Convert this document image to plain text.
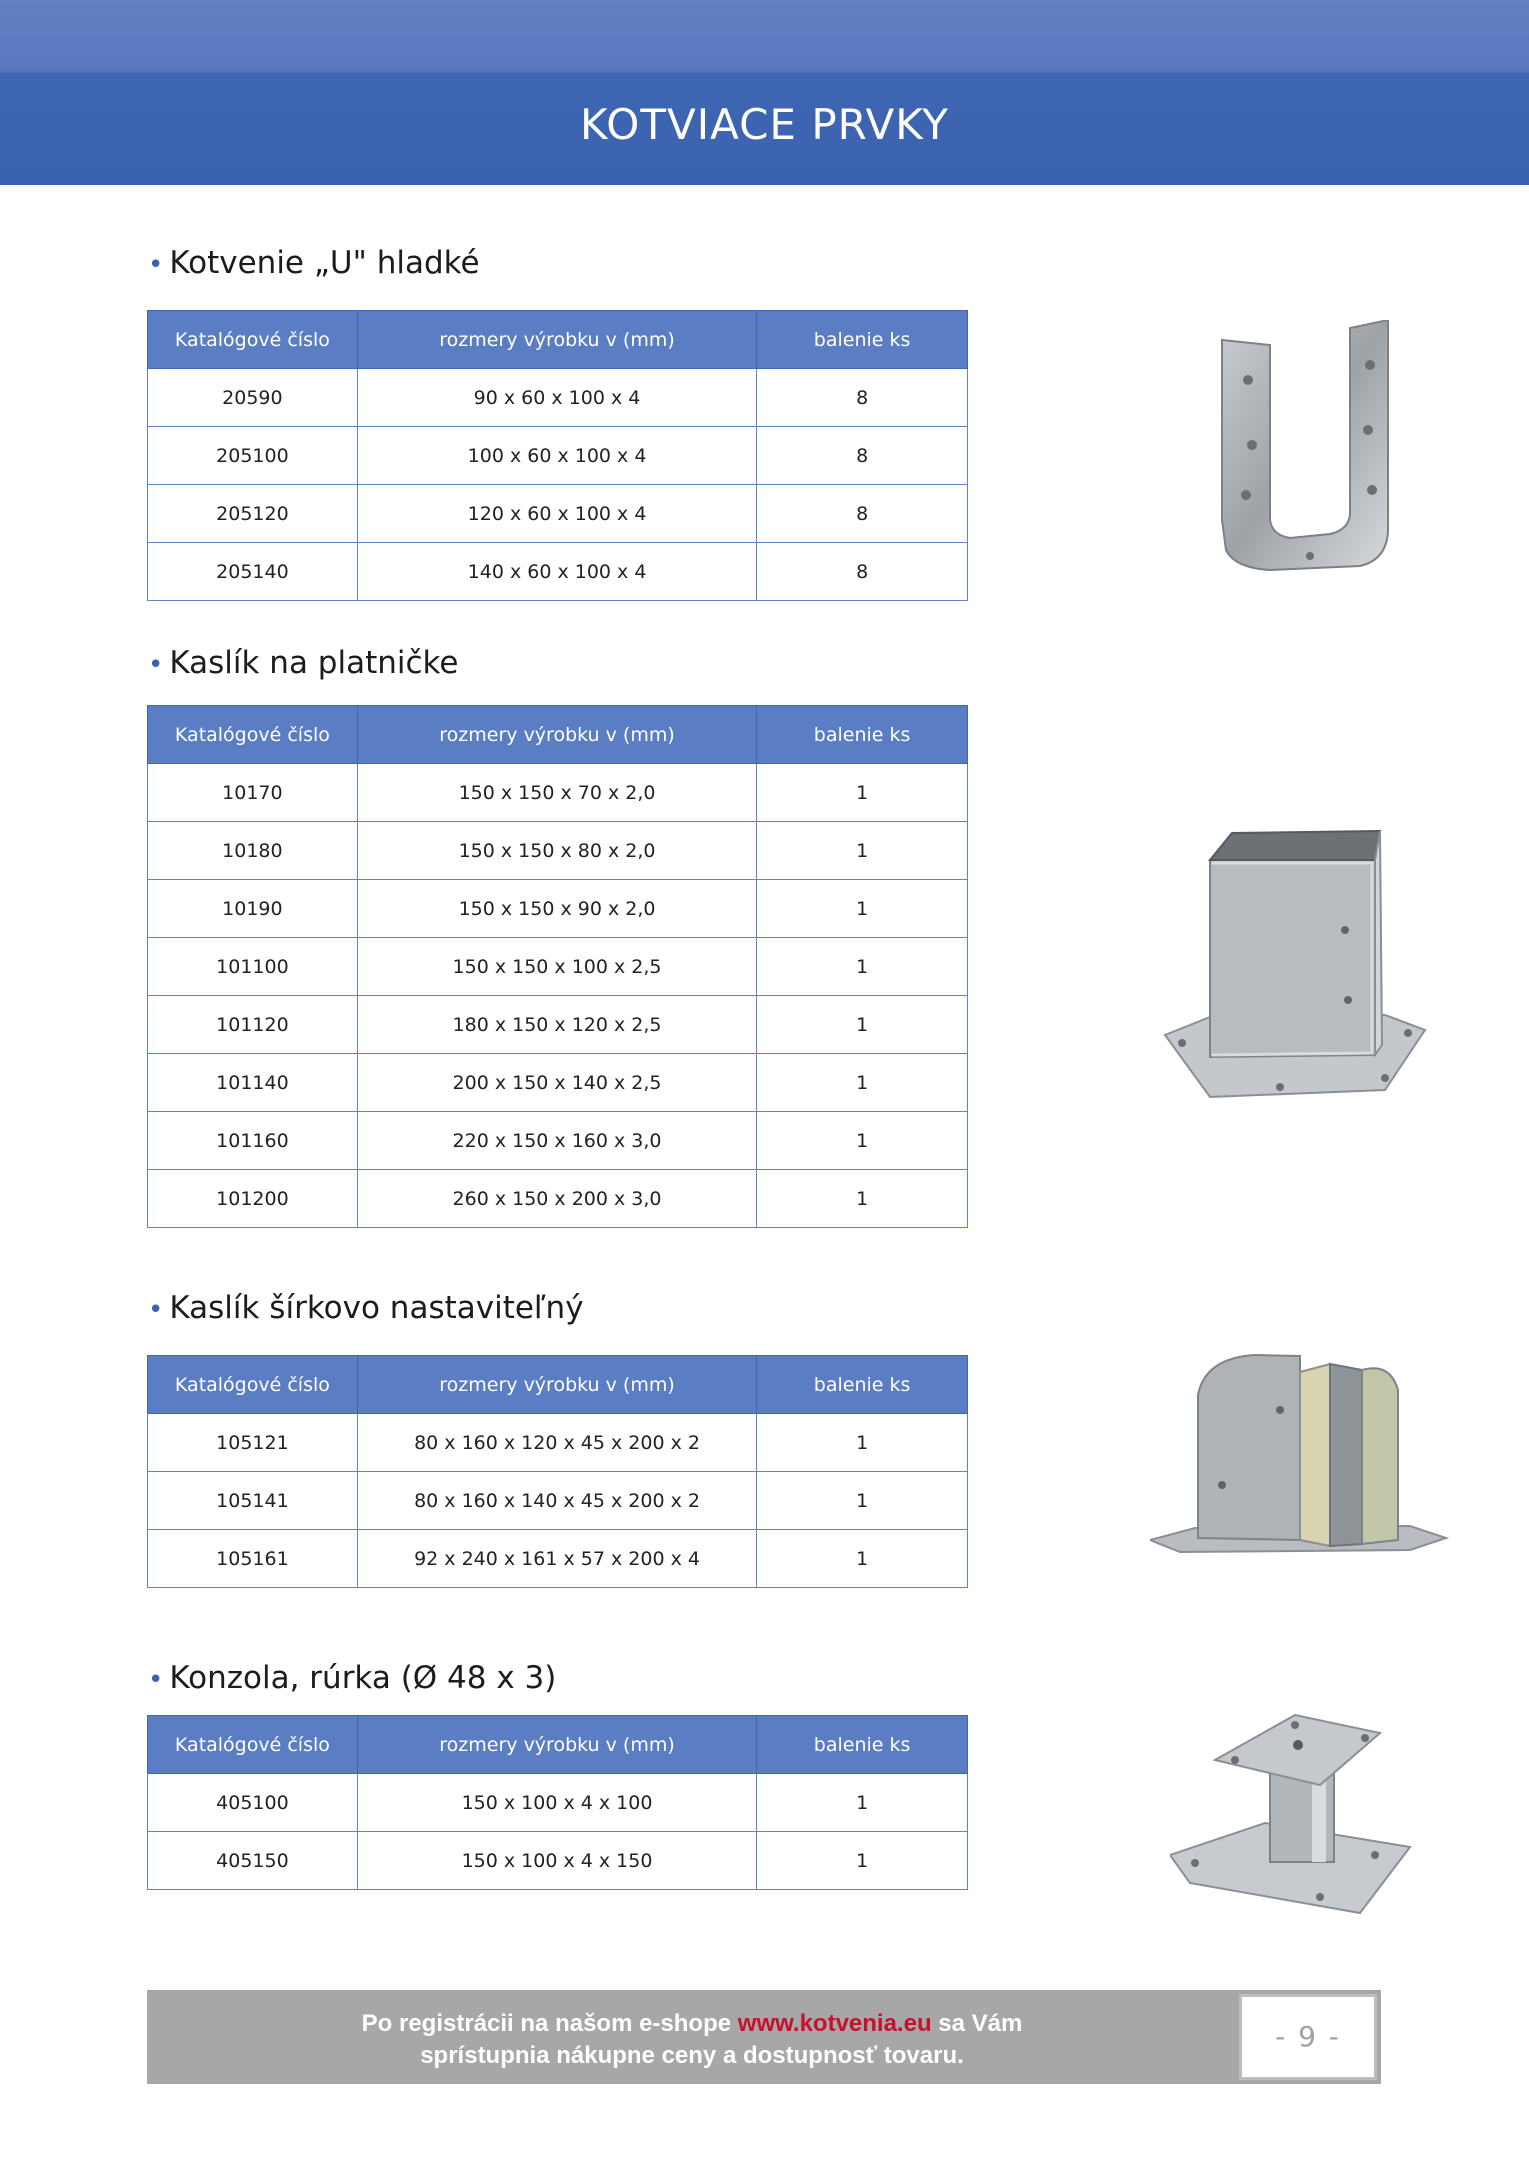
KOTVIACE PRVKY
• Kotvenie „U" hladké
Katalógové číslo	rozmery výrobku v (mm)	balenie ks
20590	90 x 60 x 100 x 4	8
205100	100 x 60 x 100 x 4	8
205120	120 x 60 x 100 x 4	8
205140	140 x 60 x 100 x 4	8
• Kaslík na platničke
Katalógové číslo	rozmery výrobku v (mm)	balenie ks
10170	150 x 150 x 70 x 2,0	1
10180	150 x 150 x 80 x 2,0	1
10190	150 x 150 x 90 x 2,0	1
101100	150 x 150 x 100 x 2,5	1
101120	180 x 150 x 120 x 2,5	1
101140	200 x 150 x 140 x 2,5	1
101160	220 x 150 x 160 x 3,0	1
101200	260 x 150 x 200 x 3,0	1
• Kaslík šírkovo nastaviteľný
Katalógové číslo	rozmery výrobku v (mm)	balenie ks
105121	80 x 160 x 120 x 45 x 200 x 2	1
105141	80 x 160 x 140 x 45 x 200 x 2	1
105161	92 x 240 x 161 x 57 x 200 x 4	1
• Konzola, rúrka (Ø 48 x 3)
Katalógové číslo	rozmery výrobku v (mm)	balenie ks
405100	150 x 100 x 4 x 100	1
405150	150 x 100 x 4 x 150	1
Po registrácii na našom e-shope www.kotvenia.eu sa Vám
sprístupnia nákupne ceny a dostupnosť tovaru.
- 9 -
